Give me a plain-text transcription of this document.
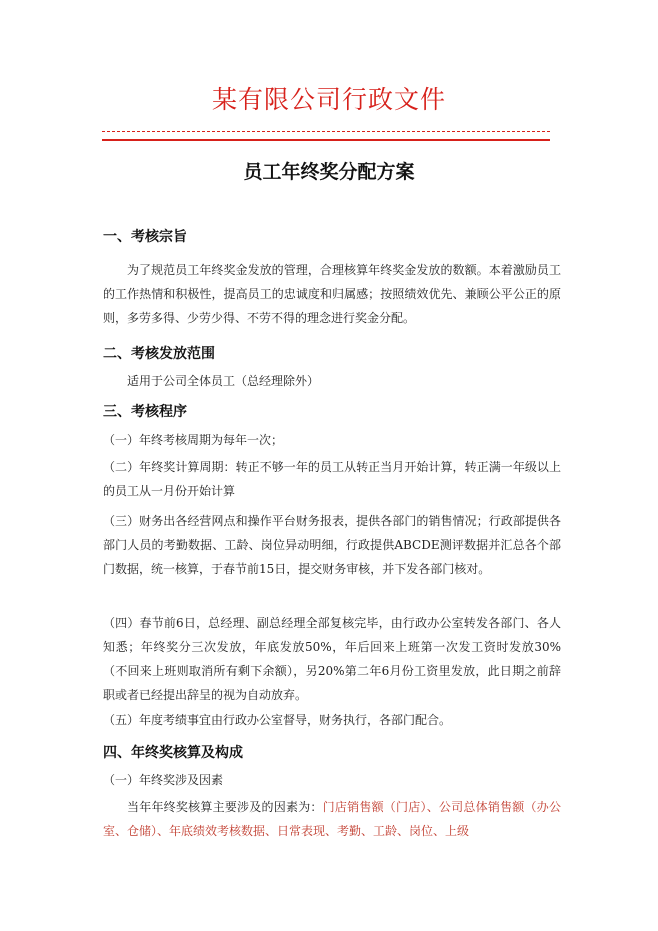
某有限公司行政文件
员工年终奖分配方案
一、考核宗旨
为了规范员工年终奖金发放的管理，合理核算年终奖金发放的数额。本着激励员工的工作热情和积极性，提高员工的忠诚度和归属感；按照绩效优先、兼顾公平公正的原则，多劳多得、少劳少得、不劳不得的理念进行奖金分配。
二、考核发放范围
适用于公司全体员工（总经理除外）
三、考核程序
（一）年终考核周期为每年一次；
（二）年终奖计算周期：转正不够一年的员工从转正当月开始计算，转正满一年级以上的员工从一月份开始计算
（三）财务出各经营网点和操作平台财务报表，提供各部门的销售情况；行政部提供各部门人员的考勤数据、工龄、岗位异动明细，行政提供ABCDE测评数据并汇总各个部门数据，统一核算，于春节前15日，提交财务审核，并下发各部门核对。
（四）春节前6日，总经理、副总经理全部复核完毕，由行政办公室转发各部门、各人知悉；年终奖分三次发放，年底发放50%，年后回来上班第一次发工资时发放30%（不回来上班则取消所有剩下余额），另20%第二年6月份工资里发放，此日期之前辞职或者已经提出辞呈的视为自动放弃。
（五）年度考绩事宜由行政办公室督导，财务执行，各部门配合。
四、年终奖核算及构成
（一）年终奖涉及因素
当年年终奖核算主要涉及的因素为：门店销售额（门店）、公司总体销售额（办公室、仓储）、年底绩效考核数据、日常表现、考勤、工龄、岗位、上级
